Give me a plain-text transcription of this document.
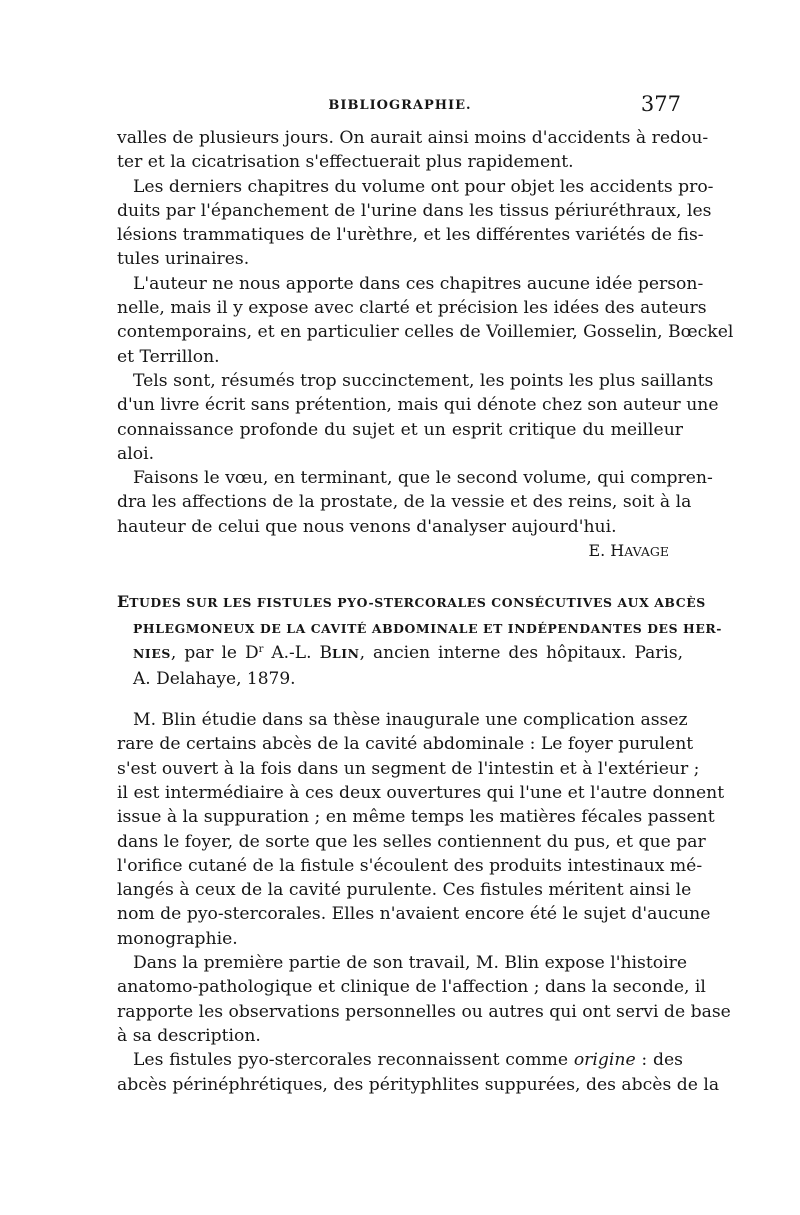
BIBLIOGRAPHIE.	377

valles de plusieurs jours. On aurait ainsi moins d'accidents à redou-
ter et la cicatrisation s'effectuerait plus rapidement.

Les derniers chapitres du volume ont pour objet les accidents pro-
duits par l'épanchement de l'urine dans les tissus périuréthraux, les
lésions trammatiques de l'urèthre, et les différentes variétés de fis-
tules urinaires.

L'auteur ne nous apporte dans ces chapitres aucune idée person-
nelle, mais il y expose avec clarté et précision les idées des auteurs
contemporains, et en particulier celles de Voillemier, Gosselin, Bœckel
et Terrillon.

Tels sont, résumés trop succinctement, les points les plus saillants
d'un livre écrit sans prétention, mais qui dénote chez son auteur une
connaissance profonde du sujet et un esprit critique du meilleur
aloi.

Faisons le vœu, en terminant, que le second volume, qui compren-
dra les affections de la prostate, de la vessie et des reins, soit à la
hauteur de celui que nous venons d'analyser aujourd'hui.

E. HAVAGE

ETUDES SUR LES FISTULES PYO-STERCORALES CONSÉCUTIVES AUX ABCÈS
PHLEGMONEUX DE LA CAVITÉ ABDOMINALE ET INDÉPENDANTES DES HER-
NIES, par le $D^r$ A.-L. BLIN, ancien interne des hôpitaux. Paris,
A. Delahaye, 1879.

M. Blin étudie dans sa thèse inaugurale une complication assez
rare de certains abcès de la cavité abdominale : Le foyer purulent
s'est ouvert à la fois dans un segment de l'intestin et à l'extérieur ;
il est intermédiaire à ces deux ouvertures qui l'une et l'autre donnent
issue à la suppuration ; en même temps les matières fécales passent
dans le foyer, de sorte que les selles contiennent du pus, et que par
l'orifice cutané de la fistule s'écoulent des produits intestinaux mé-
langés à ceux de la cavité purulente. Ces fistules méritent ainsi le
nom de pyo-stercorales. Elles n'avaient encore été le sujet d'aucune
monographie.

Dans la première partie de son travail, M. Blin expose l'histoire
anatomo-pathologique et clinique de l'affection ; dans la seconde, il
rapporte les observations personnelles ou autres qui ont servi de base
à sa description.

Les fistules pyo-stercorales reconnaissent comme origine : des
abcès périnéphrétiques, des pérityphlites suppurées, des abcès de la
